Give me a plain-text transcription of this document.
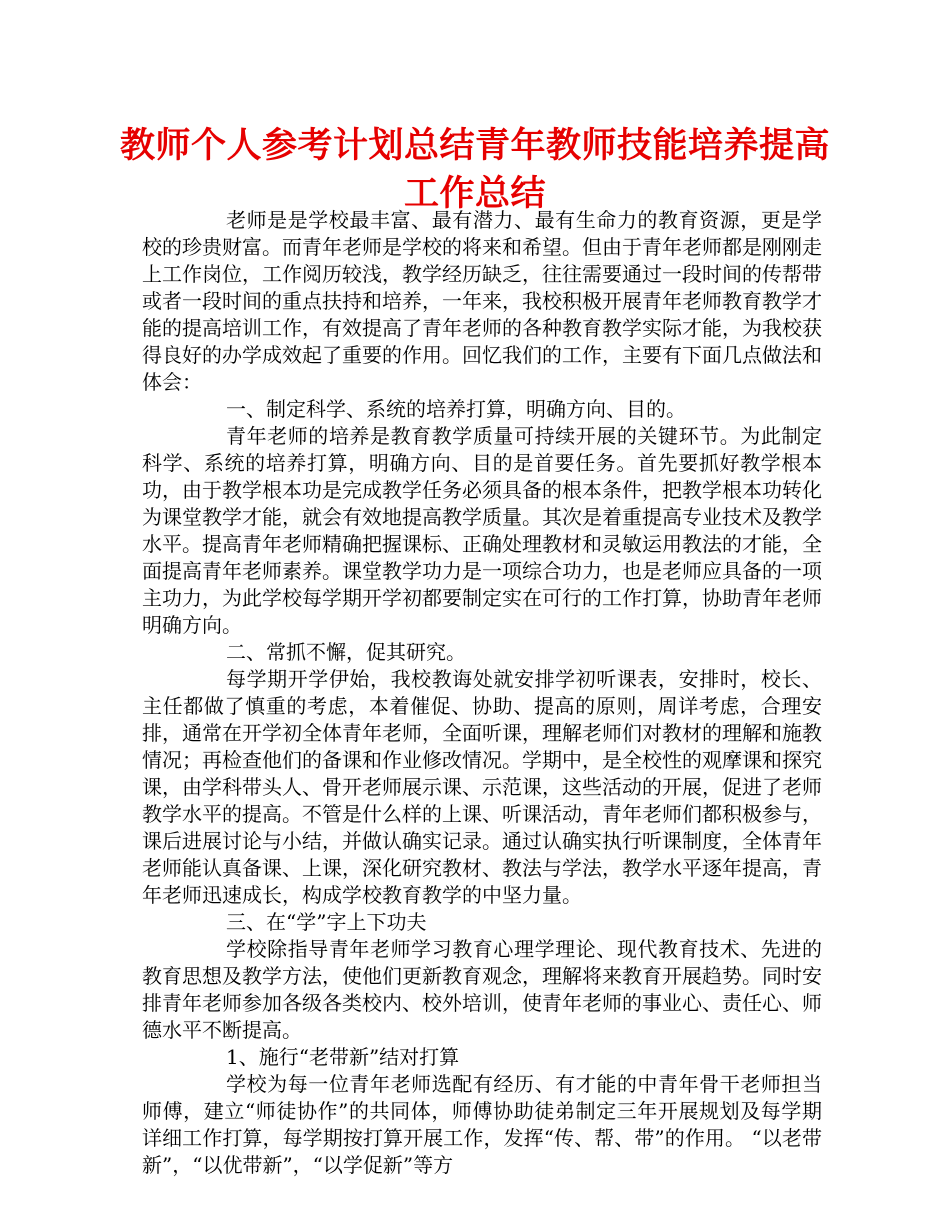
教师个人参考计划总结青年教师技能培养提高工作总结

老师是是学校最丰富、最有潜力、最有生命力的教育资源，更是学校的珍贵财富。而青年老师是学校的将来和希望。但由于青年老师都是刚刚走上工作岗位，工作阅历较浅，教学经历缺乏，往往需要通过一段时间的传帮带或者一段时间的重点扶持和培养，一年来，我校积极开展青年老师教育教学才能的提高培训工作，有效提高了青年老师的各种教育教学实际才能，为我校获得良好的办学成效起了重要的作用。回忆我们的工作，主要有下面几点做法和体会：

一、制定科学、系统的培养打算，明确方向、目的。

青年老师的培养是教育教学质量可持续开展的关键环节。为此制定科学、系统的培养打算，明确方向、目的是首要任务。首先要抓好教学根本功，由于教学根本功是完成教学任务必须具备的根本条件，把教学根本功转化为课堂教学才能，就会有效地提高教学质量。其次是着重提高专业技术及教学水平。提高青年老师精确把握课标、正确处理教材和灵敏运用教法的才能，全面提高青年老师素养。课堂教学功力是一项综合功力，也是老师应具备的一项主功力，为此学校每学期开学初都要制定实在可行的工作打算，协助青年老师明确方向。

二、常抓不懈，促其研究。

每学期开学伊始，我校教诲处就安排学初听课表，安排时，校长、主任都做了慎重的考虑，本着催促、协助、提高的原则，周详考虑，合理安排，通常在开学初全体青年老师，全面听课，理解老师们对教材的理解和施教情况；再检查他们的备课和作业修改情况。学期中，是全校性的观摩课和探究课，由学科带头人、骨开老师展示课、示范课，这些活动的开展，促进了老师教学水平的提高。不管是什么样的上课、听课活动，青年老师们都积极参与，课后进展讨论与小结，并做认确实记录。通过认确实执行听课制度，全体青年老师能认真备课、上课，深化研究教材、教法与学法，教学水平逐年提高，青年老师迅速成长，构成学校教育教学的中坚力量。

三、在“学”字上下功夫

学校除指导青年老师学习教育心理学理论、现代教育技术、先进的教育思想及教学方法，使他们更新教育观念，理解将来教育开展趋势。同时安排青年老师参加各级各类校内、校外培训，使青年老师的事业心、责任心、师德水平不断提高。

1、施行“老带新”结对打算

学校为每一位青年老师选配有经历、有才能的中青年骨干老师担当师傅，建立“师徒协作”的共同体，师傅协助徒弟制定三年开展规划及每学期详细工作打算，每学期按打算开展工作，发挥“传、帮、带”的作用。 “以老带新”，“以优带新”，“以学促新”等方
